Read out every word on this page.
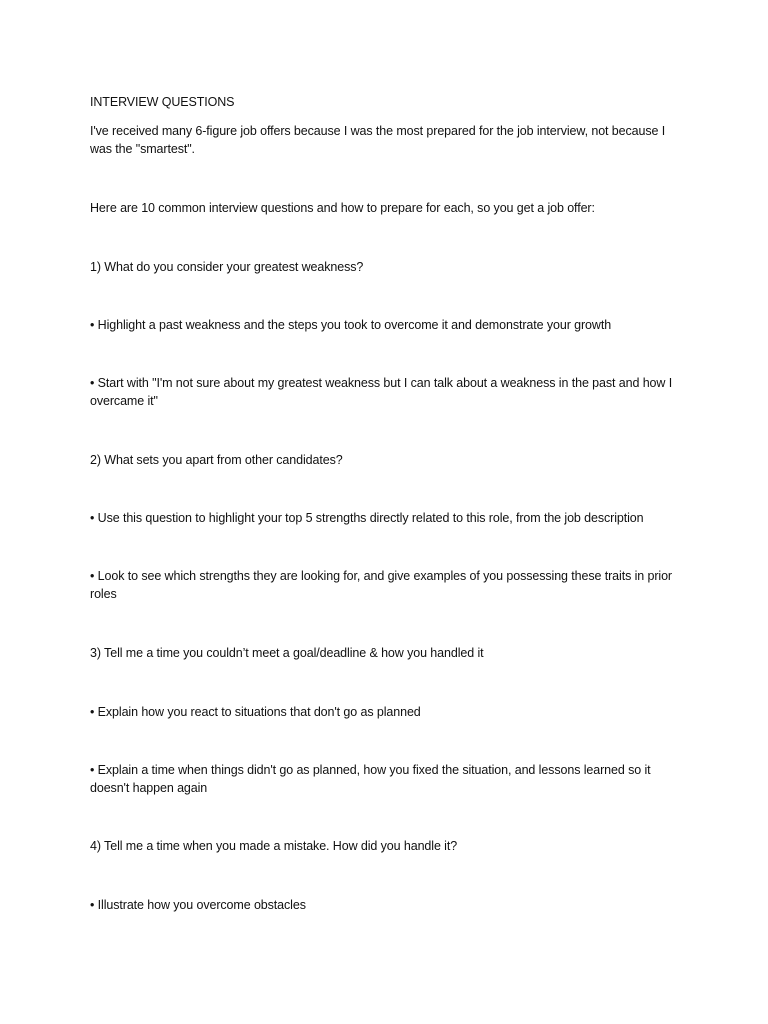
INTERVIEW QUESTIONS
I've received many 6-figure job offers because I was the most prepared for the job interview, not because I was the "smartest".
Here are 10 common interview questions and how to prepare for each, so you get a job offer:
1) What do you consider your greatest weakness?
• Highlight a past weakness and the steps you took to overcome it and demonstrate your growth
• Start with "I'm not sure about my greatest weakness but I can talk about a weakness in the past and how I overcame it"
2) What sets you apart from other candidates?
• Use this question to highlight your top 5 strengths directly related to this role, from the job description
• Look to see which strengths they are looking for, and give examples of you possessing these traits in prior roles
3) Tell me a time you couldn’t meet a goal/deadline & how you handled it
• Explain how you react to situations that don't go as planned
• Explain a time when things didn't go as planned, how you fixed the situation, and lessons learned so it doesn't happen again
4) Tell me a time when you made a mistake. How did you handle it?
• Illustrate how you overcome obstacles
